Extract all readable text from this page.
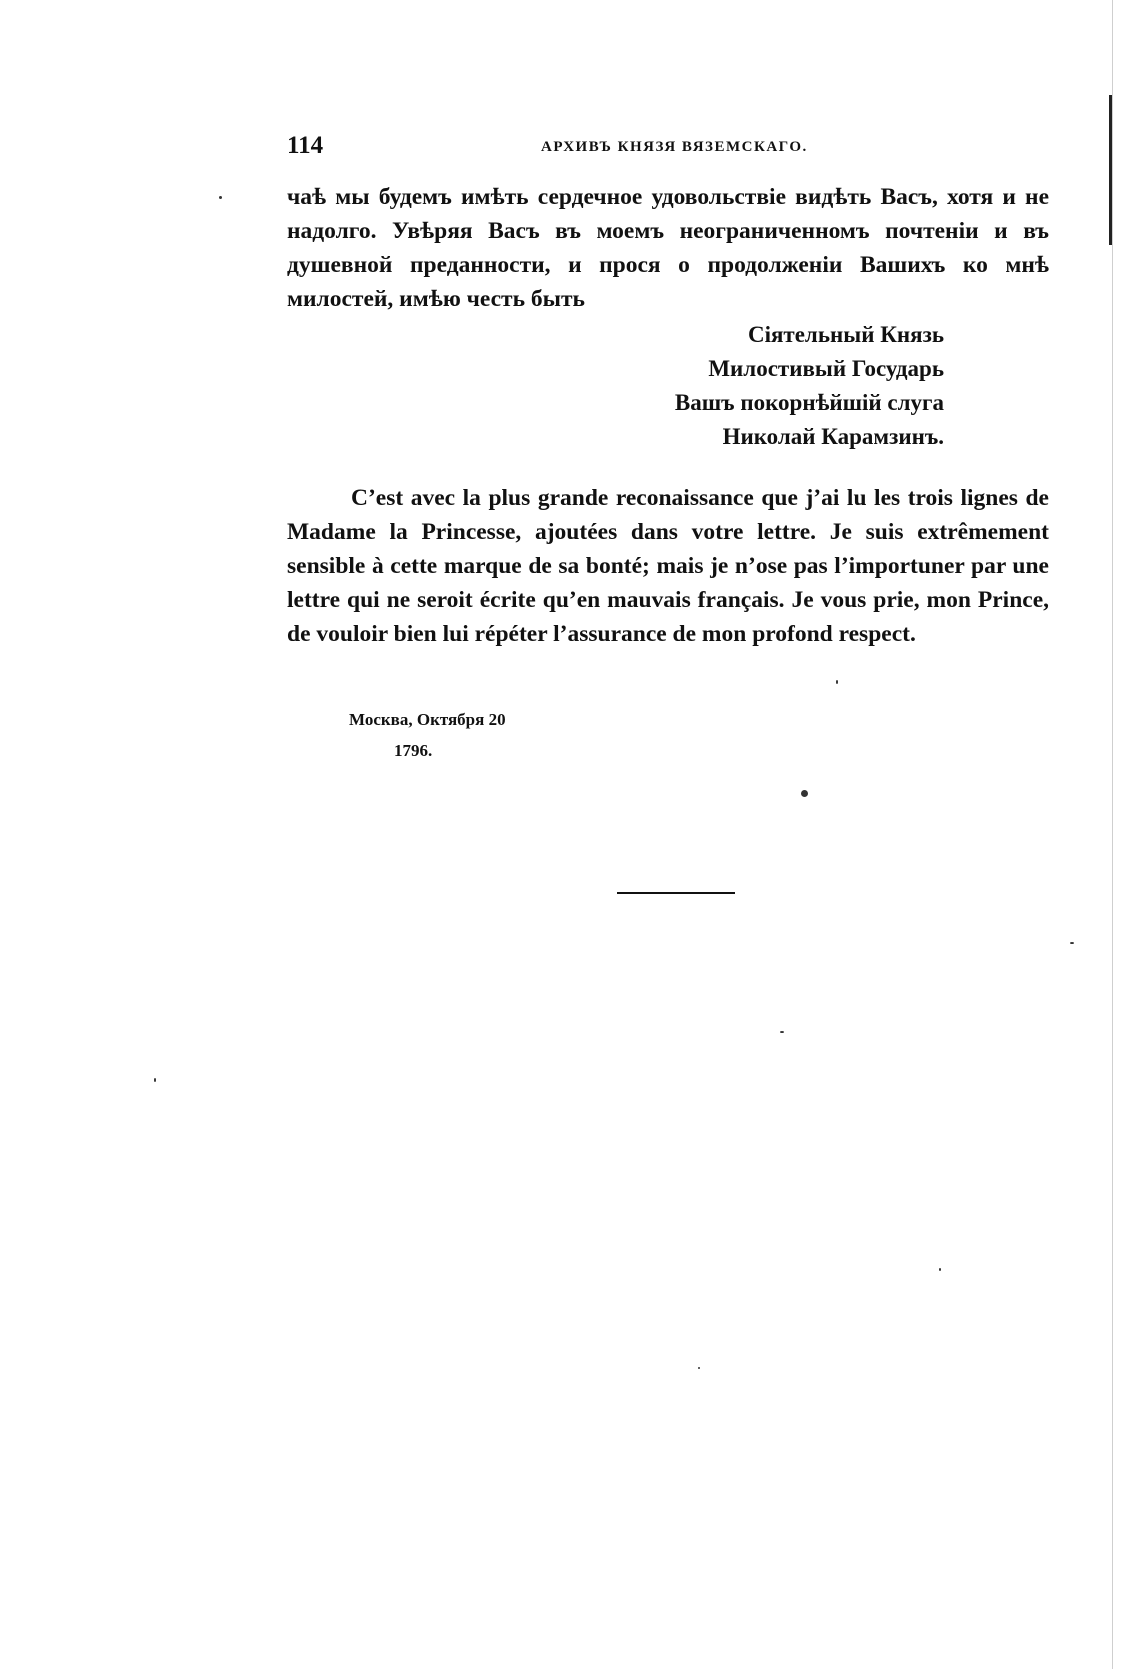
114	АРХИВЪ КНЯЗЯ ВЯЗЕМСКАГО.

чаѣ мы будемъ имѣть сердечное удовольствіе видѣть Васъ, хотя и не надолго. Увѣряя Васъ въ моемъ неограниченномъ почтеніи и въ душевной преданности, и прося о продолженіи Вашихъ ко мнѣ милостей, имѣю честь быть

Сіятельный Князь
Милостивый Государь
Вашъ покорнѣйшій слуга
Николай Карамзинъ.

C’est avec la plus grande reconaissance que j’ai lu les trois lignes de Madame la Princesse, ajoutées dans votre lettre. Je suis extrêmement sensible à cette marque de sa bonté; mais je n’ose pas l’importuner par une lettre qui ne seroit écrite qu’en mauvais français. Je vous prie, mon Prince, de vouloir bien lui répéter l’assurance de mon profond respect.

Москва, Октября 20
1796.
